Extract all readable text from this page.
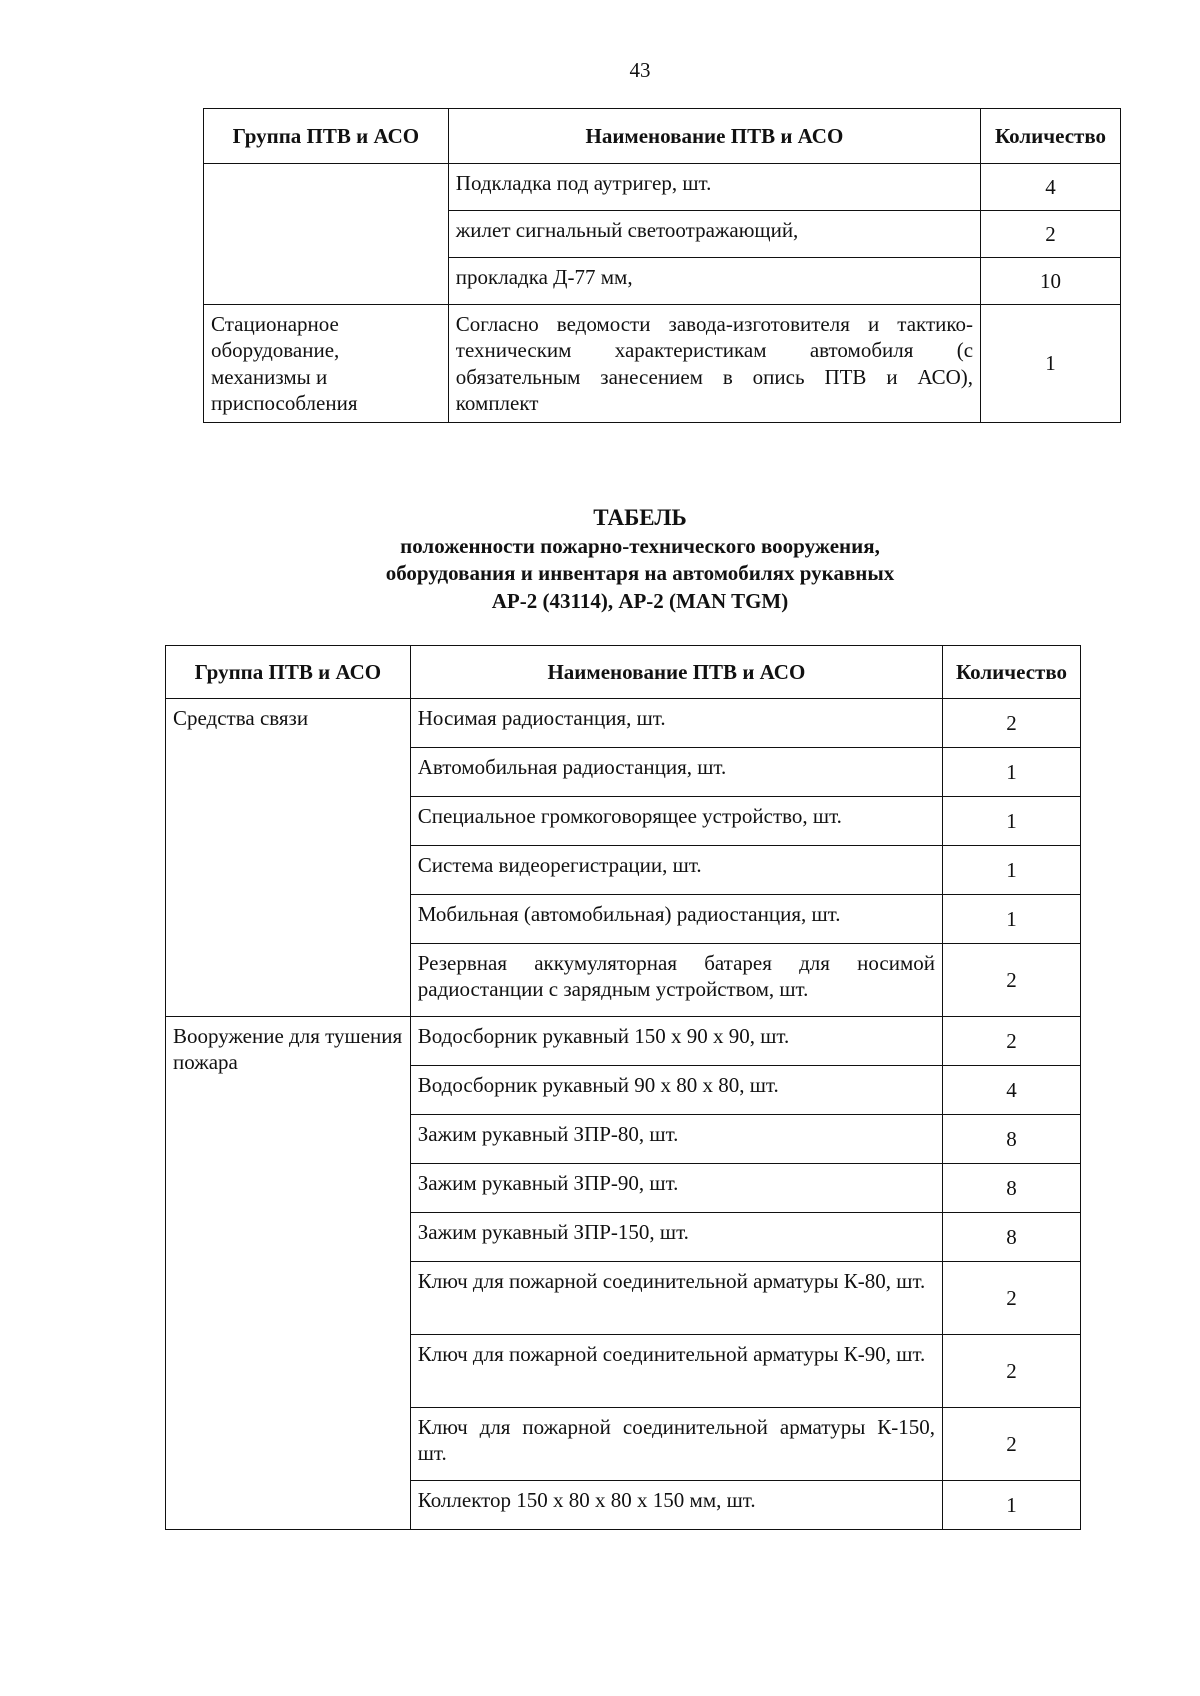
43
Группа ПТВ и АСО	Наименование ПТВ и АСО	Количество
	Подкладка под аутригер, шт.	4
	жилет сигнальный светоотражающий,	2
	прокладка Д-77 мм,	10
Стационарное оборудование, механизмы и приспособления	Согласно ведомости завода-изготовителя и тактико-техническим характеристикам автомобиля (с обязательным занесением в опись ПТВ и АСО), комплект	1
ТАБЕЛЬ
положенности пожарно-технического вооружения,
оборудования и инвентаря на автомобилях рукавных
АР-2 (43114), АР-2 (MAN TGM)
Группа ПТВ и АСО	Наименование ПТВ и АСО	Количество
Средства связи	Носимая радиостанция, шт.	2
	Автомобильная радиостанция, шт.	1
	Специальное громкоговорящее устройство, шт.	1
	Система видеорегистрации, шт.	1
	Мобильная (автомобильная) радиостанция, шт.	1
	Резервная аккумуляторная батарея для носимой радиостанции с зарядным устройством, шт.	2
Вооружение для тушения пожара	Водосборник рукавный 150 х 90 х 90, шт.	2
	Водосборник рукавный 90 х 80 х 80, шт.	4
	Зажим рукавный ЗПР-80, шт.	8
	Зажим рукавный ЗПР-90, шт.	8
	Зажим рукавный ЗПР-150, шт.	8
	Ключ для пожарной соединительной арматуры К-80, шт.	2
	Ключ для пожарной соединительной арматуры К-90, шт.	2
	Ключ для пожарной соединительной арматуры К-150, шт.	2
	Коллектор 150 х 80 х 80 х 150 мм, шт.	1
